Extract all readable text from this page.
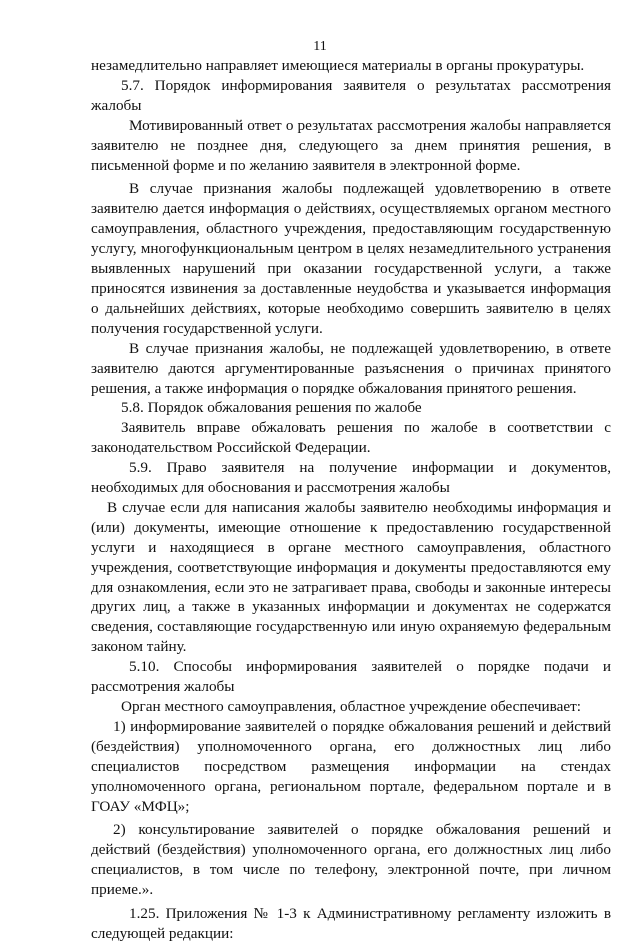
11

незамедлительно направляет имеющиеся материалы в органы прокуратуры.

5.7. Порядок информирования заявителя о результатах рассмотрения жалобы

Мотивированный ответ о результатах рассмотрения жалобы направляется заявителю не позднее дня, следующего за днем принятия решения, в письменной форме и по желанию заявителя в электронной форме.

В случае признания жалобы подлежащей удовлетворению в ответе заявителю дается информация о действиях, осуществляемых органом местного самоуправления, областного учреждения, предоставляющим государственную услугу, многофункциональным центром в целях незамедлительного устранения выявленных нарушений при оказании государственной услуги, а также приносятся извинения за доставленные неудобства и указывается информация о дальнейших действиях, которые необходимо совершить заявителю в целях получения государственной услуги.

В случае признания жалобы, не подлежащей удовлетворению, в ответе заявителю даются аргументированные разъяснения о причинах принятого решения, а также информация о порядке обжалования принятого решения.

5.8. Порядок обжалования решения по жалобе

Заявитель вправе обжаловать решения по жалобе в соответствии с законодательством Российской Федерации.

5.9. Право заявителя на получение информации и документов, необходимых для обоснования и рассмотрения жалобы

В случае если для написания жалобы заявителю необходимы информация и (или) документы, имеющие отношение к предоставлению государственной услуги и находящиеся в органе местного самоуправления, областного учреждения, соответствующие информация и документы предоставляются ему для ознакомления, если это не затрагивает права, свободы и законные интересы других лиц, а также в указанных информации и документах не содержатся сведения, составляющие государственную или иную охраняемую федеральным законом тайну.

5.10. Способы информирования заявителей о порядке подачи и рассмотрения жалобы

Орган местного самоуправления, областное учреждение обеспечивает:

1) информирование заявителей о порядке обжалования решений и действий (бездействия) уполномоченного органа, его должностных лиц либо специалистов посредством размещения информации на стендах уполномоченного органа, региональном портале, федеральном портале и в ГОАУ «МФЦ»;

2) консультирование заявителей о порядке обжалования решений и действий (бездействия) уполномоченного органа, его должностных лиц либо специалистов, в том числе по телефону, электронной почте, при личном приеме.».

1.25. Приложения № 1-3 к Административному регламенту изложить в следующей редакции:
